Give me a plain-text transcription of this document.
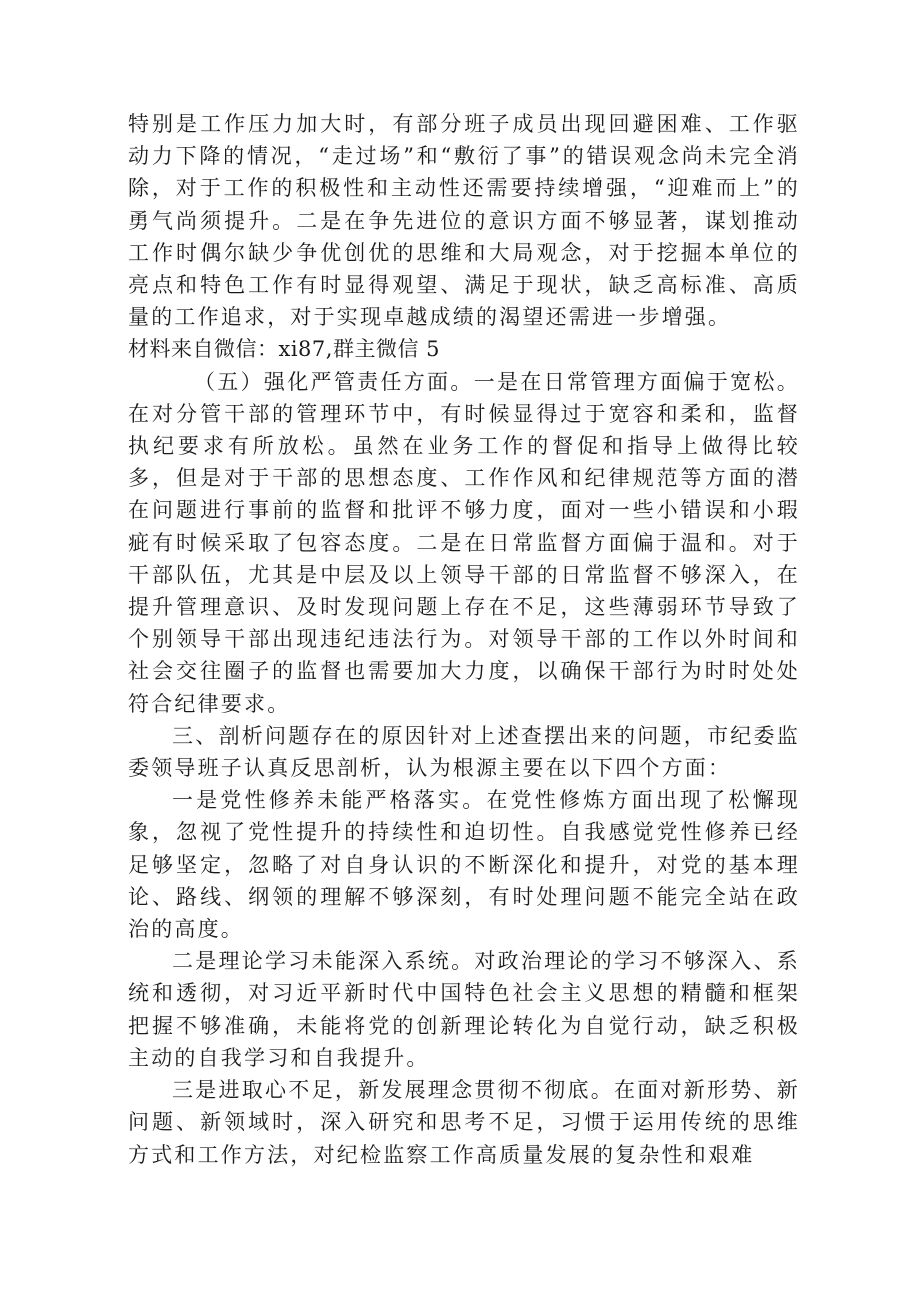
特别是工作压力加大时，有部分班子成员出现回避困难、工作驱动力下降的情况，“走过场”和“敷衍了事”的错误观念尚未完全消除，对于工作的积极性和主动性还需要持续增强，“迎难而上”的勇气尚须提升。二是在争先进位的意识方面不够显著，谋划推动工作时偶尔缺少争优创优的思维和大局观念，对于挖掘本单位的亮点和特色工作有时显得观望、满足于现状，缺乏高标准、高质量的工作追求，对于实现卓越成绩的渴望还需进一步增强。

材料来自微信：xi87,群主微信 5

（五）强化严管责任方面。一是在日常管理方面偏于宽松。在对分管干部的管理环节中，有时候显得过于宽容和柔和，监督执纪要求有所放松。虽然在业务工作的督促和指导上做得比较多，但是对于干部的思想态度、工作作风和纪律规范等方面的潜在问题进行事前的监督和批评不够力度，面对一些小错误和小瑕疵有时候采取了包容态度。二是在日常监督方面偏于温和。对于干部队伍，尤其是中层及以上领导干部的日常监督不够深入，在提升管理意识、及时发现问题上存在不足，这些薄弱环节导致了个别领导干部出现违纪违法行为。对领导干部的工作以外时间和社会交往圈子的监督也需要加大力度，以确保干部行为时时处处符合纪律要求。

三、剖析问题存在的原因针对上述查摆出来的问题，市纪委监委领导班子认真反思剖析，认为根源主要在以下四个方面：

一是党性修养未能严格落实。在党性修炼方面出现了松懈现象，忽视了党性提升的持续性和迫切性。自我感觉党性修养已经足够坚定，忽略了对自身认识的不断深化和提升，对党的基本理论、路线、纲领的理解不够深刻，有时处理问题不能完全站在政治的高度。

二是理论学习未能深入系统。对政治理论的学习不够深入、系统和透彻，对习近平新时代中国特色社会主义思想的精髓和框架把握不够准确，未能将党的创新理论转化为自觉行动，缺乏积极主动的自我学习和自我提升。

三是进取心不足，新发展理念贯彻不彻底。在面对新形势、新问题、新领域时，深入研究和思考不足，习惯于运用传统的思维方式和工作方法，对纪检监察工作高质量发展的复杂性和艰难
